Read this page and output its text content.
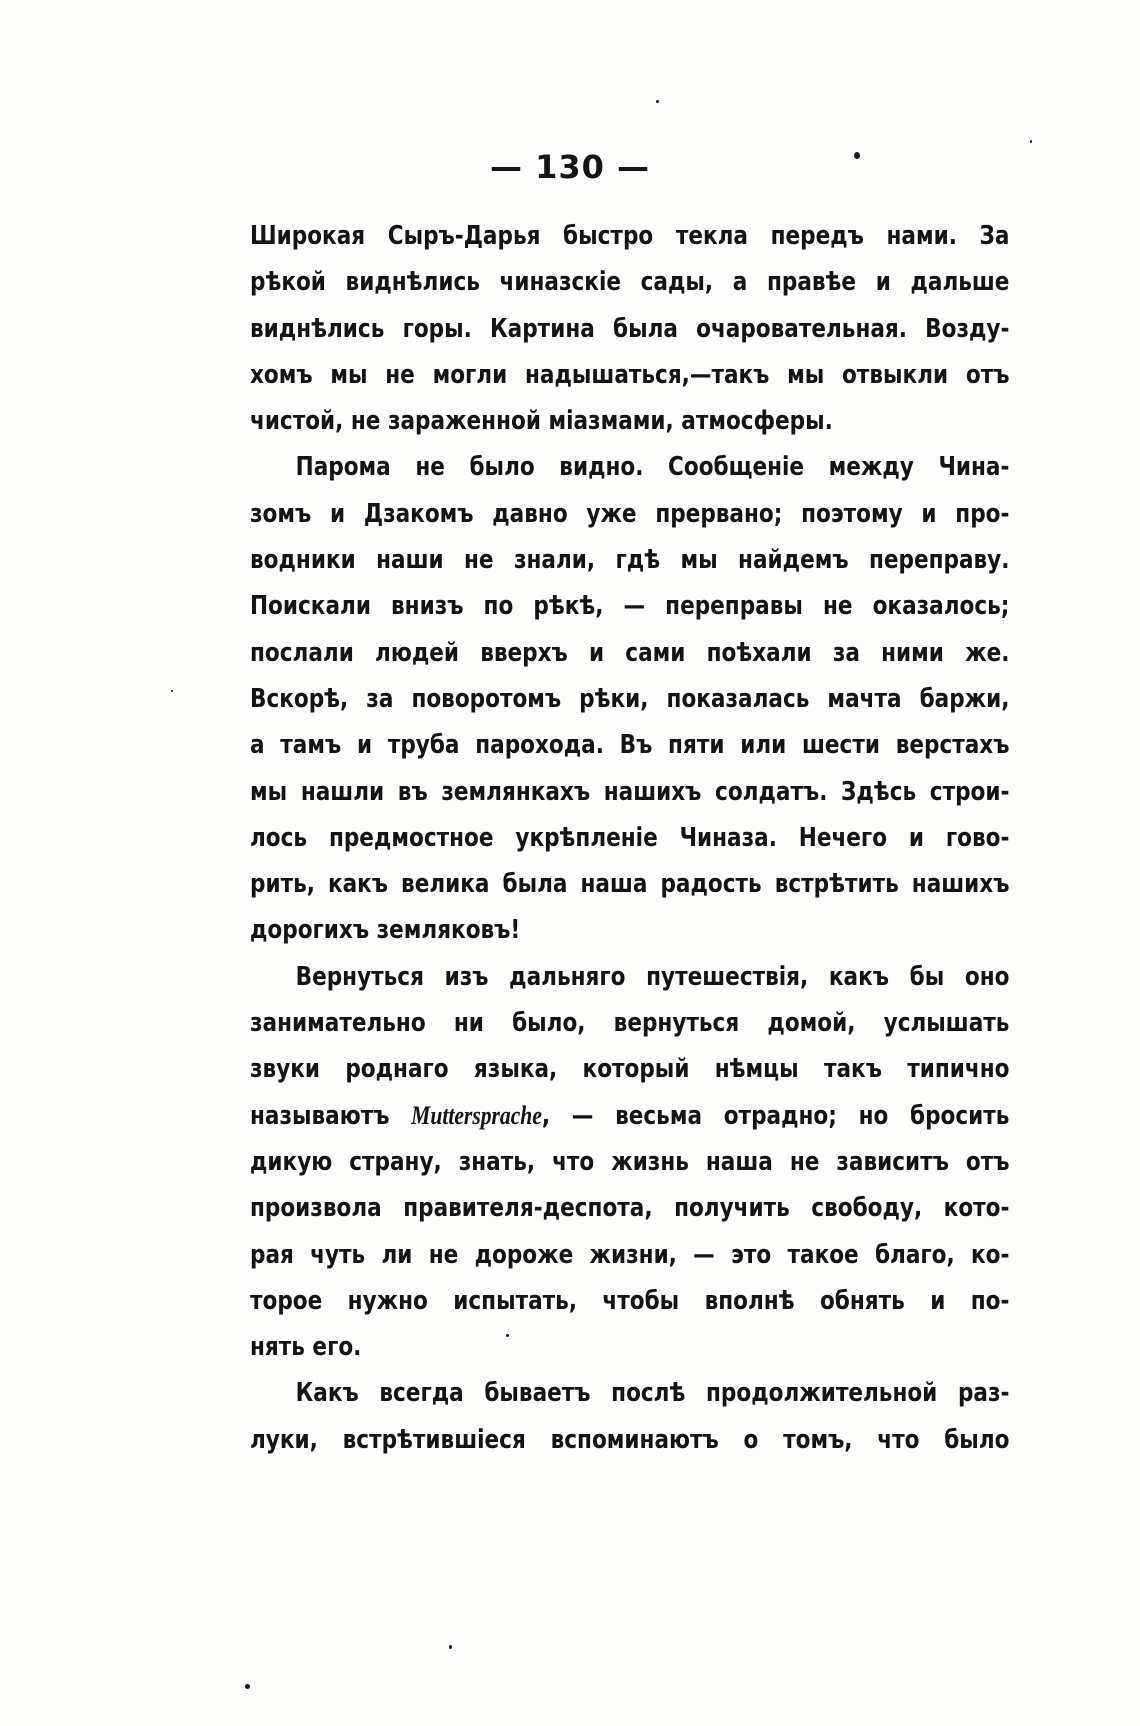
— 130 —
Широкая Сыръ-Дарья быстро текла передъ нами. За
рѣкой виднѣлись чиназскіе сады, а правѣе и дальше
виднѣлись горы. Картина была очаровательная. Возду-
хомъ мы не могли надышаться,—такъ мы отвыкли отъ
чистой, не зараженной міазмами, атмосферы.
Парома не было видно. Сообщеніе между Чина-
зомъ и Дзакомъ давно уже прервано; поэтому и про-
водники наши не знали, гдѣ мы найдемъ переправу.
Поискали внизъ по рѣкѣ, — переправы не оказалось;
послали людей вверхъ и сами поѣхали за ними же.
Вскорѣ, за поворотомъ рѣки, показалась мачта баржи,
а тамъ и труба парохода. Въ пяти или шести верстахъ
мы нашли въ землянкахъ нашихъ солдатъ. Здѣсь строи-
лось предмостное укрѣпленіе Чиназа. Нечего и гово-
рить, какъ велика была наша радость встрѣтить нашихъ
дорогихъ земляковъ!
Вернуться изъ дальняго путешествія, какъ бы оно
занимательно ни было, вернуться домой, услышать
звуки роднаго языка, который нѣмцы такъ типично
называютъ Muttersprache, — весьма отрадно; но бросить
дикую страну, знать, что жизнь наша не зависитъ отъ
произвола правителя-деспота, получить свободу, кото-
рая чуть ли не дороже жизни, — это такое благо, ко-
торое нужно испытать, чтобы вполнѣ обнять и по-
нять его.
Какъ всегда бываетъ послѣ продолжительной раз-
луки, встрѣтившіеся вспоминаютъ о томъ, что было
